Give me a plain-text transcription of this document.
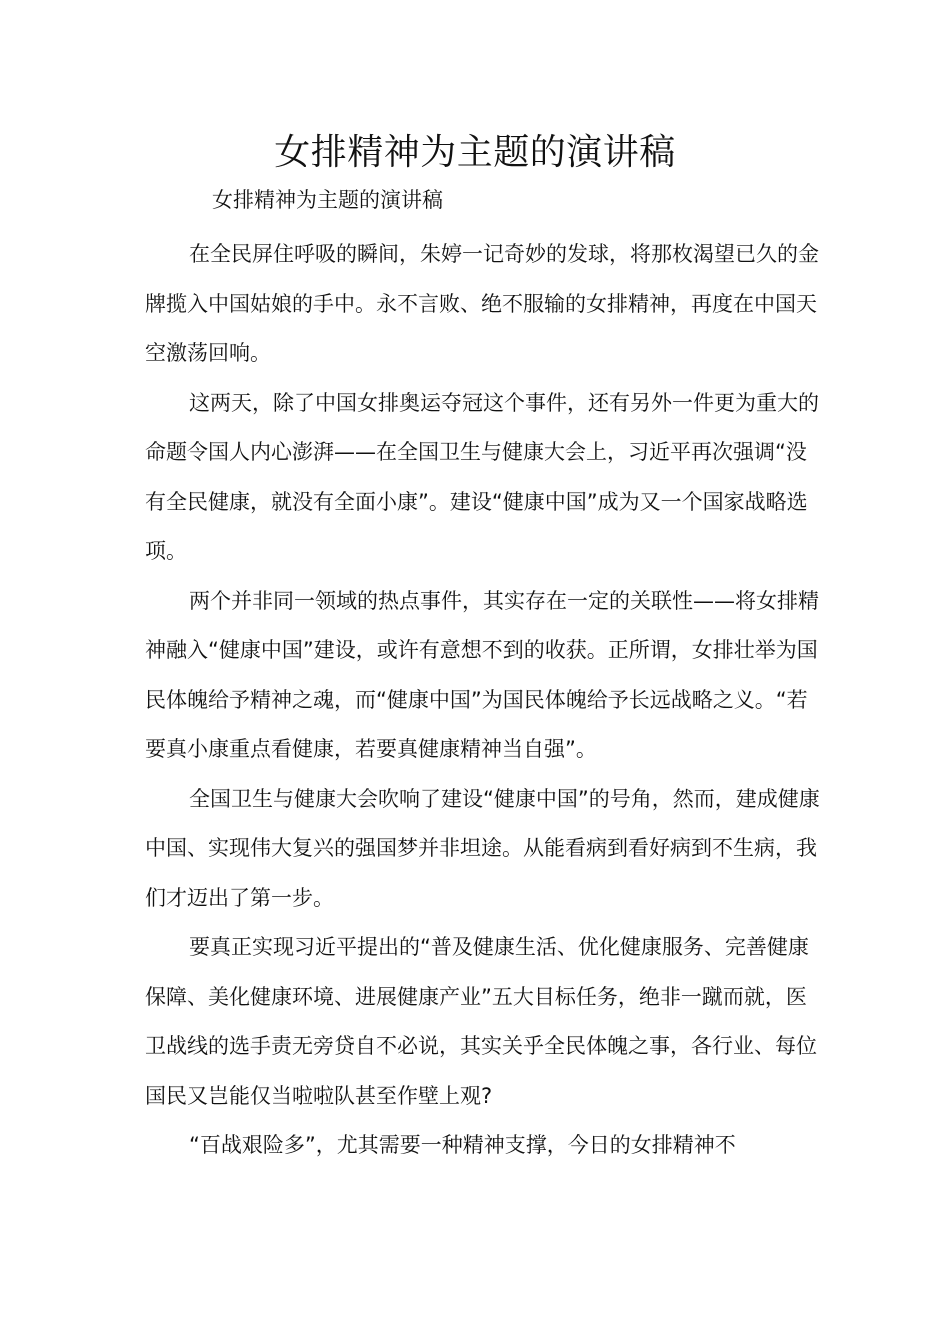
女排精神为主题的演讲稿

女排精神为主题的演讲稿

在全民屏住呼吸的瞬间，朱婷一记奇妙的发球，将那枚渴望已久的金牌揽入中国姑娘的手中。永不言败、绝不服输的女排精神，再度在中国天空激荡回响。

这两天，除了中国女排奥运夺冠这个事件，还有另外一件更为重大的命题令国人内心澎湃——在全国卫生与健康大会上，习近平再次强调“没有全民健康，就没有全面小康”。建设“健康中国”成为又一个国家战略选项。

两个并非同一领域的热点事件，其实存在一定的关联性——将女排精神融入“健康中国”建设，或许有意想不到的收获。正所谓，女排壮举为国民体魄给予精神之魂，而“健康中国”为国民体魄给予长远战略之义。“若要真小康重点看健康，若要真健康精神当自强”。

全国卫生与健康大会吹响了建设“健康中国”的号角，然而，建成健康中国、实现伟大复兴的强国梦并非坦途。从能看病到看好病到不生病，我们才迈出了第一步。

要真正实现习近平提出的“普及健康生活、优化健康服务、完善健康保障、美化健康环境、进展健康产业”五大目标任务，绝非一蹴而就，医卫战线的选手责无旁贷自不必说，其实关乎全民体魄之事，各行业、每位国民又岂能仅当啦啦队甚至作壁上观?

“百战艰险多”，尤其需要一种精神支撑，今日的女排精神不
